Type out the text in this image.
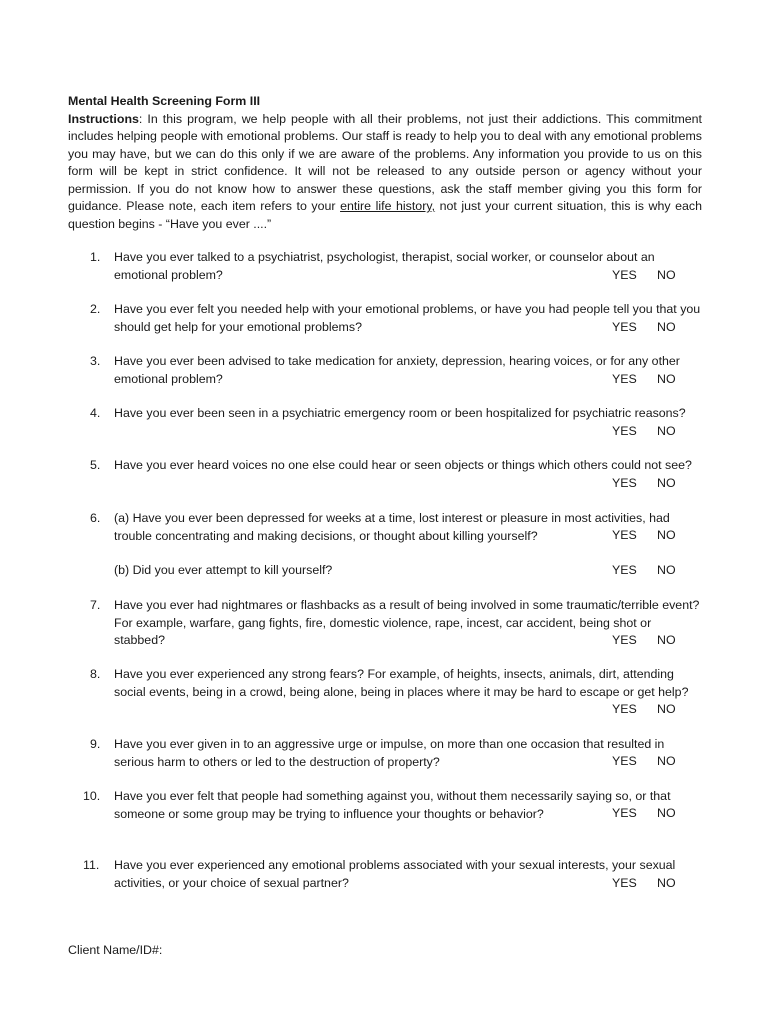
Mental Health Screening Form III
Instructions: In this program, we help people with all their problems, not just their addictions. This commitment includes helping people with emotional problems. Our staff is ready to help you to deal with any emotional problems you may have, but we can do this only if we are aware of the problems. Any information you provide to us on this form will be kept in strict confidence. It will not be released to any outside person or agency without your permission. If you do not know how to answer these questions, ask the staff member giving you this form for guidance. Please note, each item refers to your entire life history, not just your current situation, this is why each question begins - “Have you ever ....”
1. Have you ever talked to a psychiatrist, psychologist, therapist, social worker, or counselor about an emotional problem?	YES NO
2. Have you ever felt you needed help with your emotional problems, or have you had people tell you that you should get help for your emotional problems?	YES NO
3. Have you ever been advised to take medication for anxiety, depression, hearing voices, or for any other emotional problem?	YES NO
4. Have you ever been seen in a psychiatric emergency room or been hospitalized for psychiatric reasons?
YES NO
5. Have you ever heard voices no one else could hear or seen objects or things which others could not see?
YES NO
6. (a) Have you ever been depressed for weeks at a time, lost interest or pleasure in most activities, had trouble concentrating and making decisions, or thought about killing yourself?	YES NO
(b) Did you ever attempt to kill yourself?	YES NO
7. Have you ever had nightmares or flashbacks as a result of being involved in some traumatic/terrible event? For example, warfare, gang fights, fire, domestic violence, rape, incest, car accident, being shot or stabbed?	YES NO
8. Have you ever experienced any strong fears? For example, of heights, insects, animals, dirt, attending social events, being in a crowd, being alone, being in places where it may be hard to escape or get help?
YES NO
9. Have you ever given in to an aggressive urge or impulse, on more than one occasion that resulted in serious harm to others or led to the destruction of property?	YES NO
10. Have you ever felt that people had something against you, without them necessarily saying so, or that someone or some group may be trying to influence your thoughts or behavior?	YES NO
11. Have you ever experienced any emotional problems associated with your sexual interests, your sexual activities, or your choice of sexual partner?	YES NO
Client Name/ID#:
